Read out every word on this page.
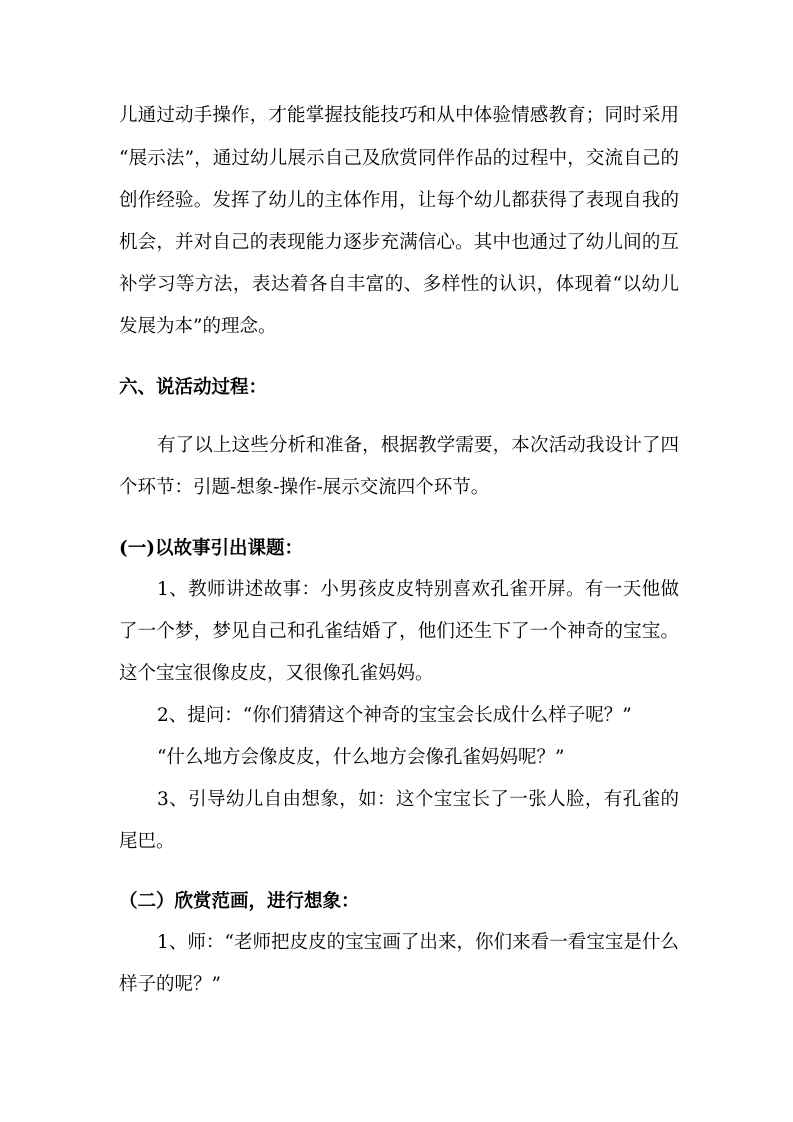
儿通过动手操作，才能掌握技能技巧和从中体验情感教育；同时采用
“展示法”，通过幼儿展示自己及欣赏同伴作品的过程中，交流自己的
创作经验。发挥了幼儿的主体作用，让每个幼儿都获得了表现自我的
机会，并对自己的表现能力逐步充满信心。其中也通过了幼儿间的互
补学习等方法，表达着各自丰富的、多样性的认识，体现着“以幼儿
发展为本”的理念。
六、说活动过程：
有了以上这些分析和准备，根据教学需要，本次活动我设计了四
个环节：引题-想象-操作-展示交流四个环节。
(一)以故事引出课题：
1、教师讲述故事：小男孩皮皮特别喜欢孔雀开屏。有一天他做
了一个梦，梦见自己和孔雀结婚了，他们还生下了一个神奇的宝宝。
这个宝宝很像皮皮，又很像孔雀妈妈。
2、提问：“你们猜猜这个神奇的宝宝会长成什么样子呢？”
“什么地方会像皮皮，什么地方会像孔雀妈妈呢？”
3、引导幼儿自由想象，如：这个宝宝长了一张人脸，有孔雀的
尾巴。
（二）欣赏范画，进行想象：
1、师：“老师把皮皮的宝宝画了出来，你们来看一看宝宝是什么
样子的呢？”
